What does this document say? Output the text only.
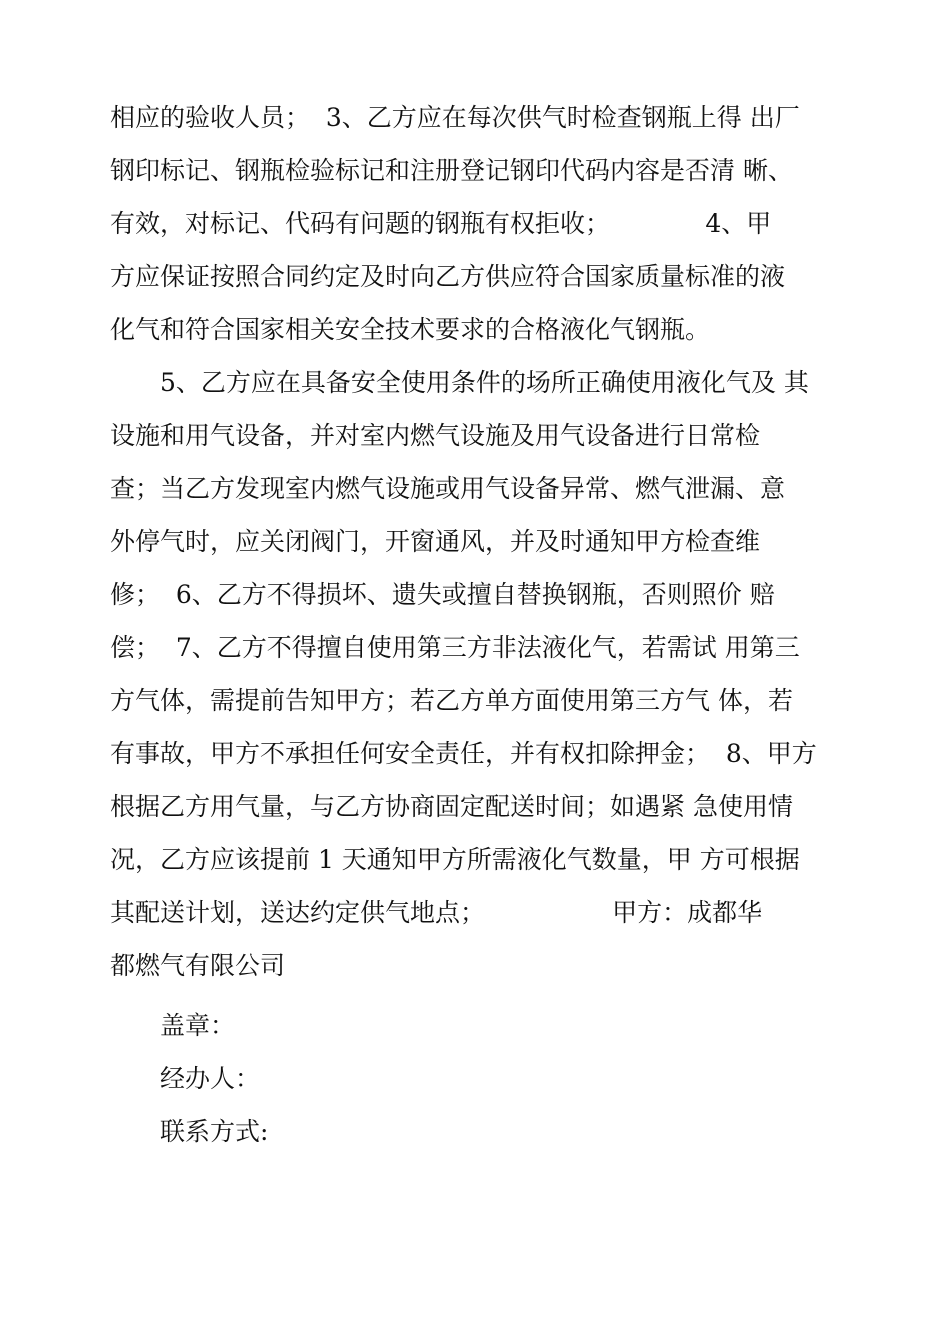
相应的验收人员；  3、乙方应在每次供气时检查钢瓶上得 出厂
钢印标记、钢瓶检验标记和注册登记钢印代码内容是否清 晰、
有效，对标记、代码有问题的钢瓶有权拒收；            4、甲
方应保证按照合同约定及时向乙方供应符合国家质量标准的液
化气和符合国家相关安全技术要求的合格液化气钢瓶。
5、乙方应在具备安全使用条件的场所正确使用液化气及 其
设施和用气设备，并对室内燃气设施及用气设备进行日常检
查；当乙方发现室内燃气设施或用气设备异常、燃气泄漏、意
外停气时，应关闭阀门，开窗通风，并及时通知甲方检查维
修；  6、乙方不得损坏、遗失或擅自替换钢瓶，否则照价 赔
偿；  7、乙方不得擅自使用第三方非法液化气，若需试 用第三
方气体，需提前告知甲方；若乙方单方面使用第三方气 体，若
有事故，甲方不承担任何安全责任，并有权扣除押金；  8、甲方
根据乙方用气量，与乙方协商固定配送时间；如遇紧 急使用情
况，乙方应该提前 1 天通知甲方所需液化气数量，甲 方可根据
其配送计划，送达约定供气地点；                甲方：成都华
都燃气有限公司
盖章：
经办人：
联系方式:
